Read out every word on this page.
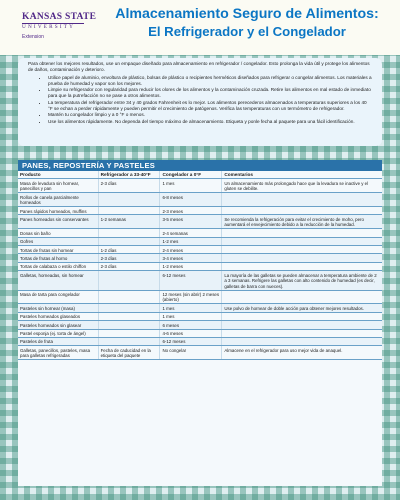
KANSAS STATE
UNIVERSITY
Extension
Almacenamiento Seguro de Alimentos:
El Refrigerador y el Congelador

Para obtener los mejores resultados, use un empaque diseñado para almacenamiento en refrigerador / congelador. Esto prolonga la vida útil y protege los alimentos de daños, contaminación y deterioro.

• Utilice papel de aluminio, envoltura de plástico, bolsas de plástico o recipientes herméticos diseñados para refrigerar o congelar alimentos. Los materiales a prueba de humedad y vapor son los mejores.
• Limpie su refrigerador con regularidad para reducir los olores de los alimentos y la contaminación cruzada. Retire los alimentos en mal estado de inmediato para que la putrefacción no se pase a otros alimentos.
• La temperatura del refrigerador entre 34 y 40 grados Fahrenheit es lo mejor. Los alimentos perecederos almacenados a temperaturas superiores a los 40 °F se echan a perder rápidamente y pueden permitir el crecimiento de patógenos. Verifica las temperaturas con un termómetro de refrigerador.
• Mantén tu congelador limpio y a 0 °F o menos.
• Use los alimentos rápidamente. No dependa del tiempo máximo de almacenamiento. Etiqueta y ponle fecha al paquete para una fácil identificación.
PANES, REPOSTERÍA Y PASTELES
Producto	Refrigerador a 33-40°F	Congelador a 0°F	Comentarios
Masa de levadura sin hornear, panecillos y pan	2-3 días	1 mes	Un almacenamiento más prolongado hace que la levadura se inactive y el gluten se debilite.
Rollos de canela parcialmente horneados		6-8 meses	
Panes rápidos horneados, muffins		2-3 meses	
Panes horneados sin conservantes	1-2 semanas	3-5 meses	Se recomienda la refrigeración para evitar el crecimiento de moho, pero aumentará el envejecimiento debido a la reducción de la humedad.
Donas sin baño		2-4 semanas	
Gofres		1-2 mes	
Tortas de frutas sin hornear	1-2 días	2-4 meses	
Tortas de frutas al horno	2-3 días	3-4 meses	
Tortas de calabaza o estilo chiffon	2-3 días	1-2 meses	
Galletas, horneadas, sin hornear		6-12 meses	La mayoría de las galletas se pueden almacenar a temperatura ambiente de 2 a 3 semanas. Refrigere las galletas con alto contenido de humedad (es decir, galletas de barra con nueces).
Masa de tarta para congelador		12 meses (sin abrir) 2 meses (abierto)	
Pasteles sin hornear (masa)		1 mes	Use polvo de hornear de doble acción para obtener mejores resultados.
Pasteles horneados glaseados		1 mes	
Pasteles horneados sin glasear		6 meses	
Pastel esponja (ej. torta de ángel)		4-6 meses	
Pasteles de fruta		6-12 meses	
Galletas, panecillos, pasteles, masa para galletas refrigeradas	Fecha de caducidad en la etiqueta del paquete	No congelar	Almacene en el refrigerador para uso mejor vida de anaquel.
